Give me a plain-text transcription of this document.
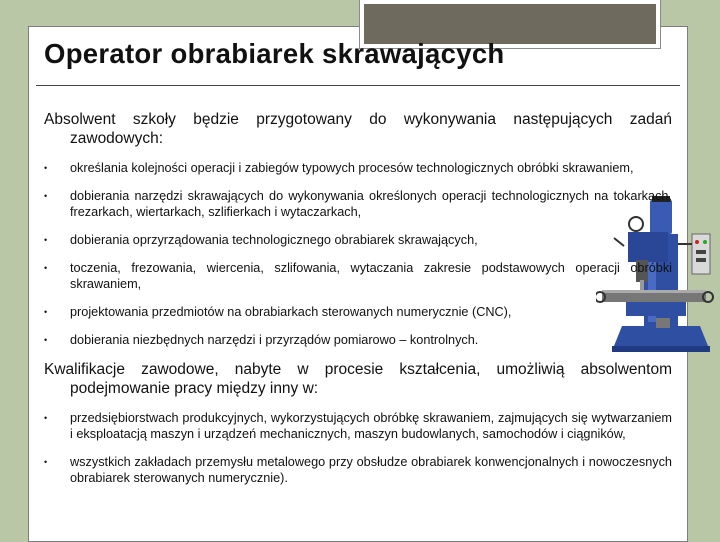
Operator obrabiarek skrawających

Absolwent szkoły będzie przygotowany do wykonywania następujących zadań zawodowych:

• określania kolejności operacji i zabiegów typowych procesów technologicznych obróbki skrawaniem,
• dobierania narzędzi skrawających do wykonywania określonych operacji technologicznych na tokarkach, frezarkach, wiertarkach, szlifierkach i wytaczarkach,
• dobierania oprzyrządowania technologicznego obrabiarek skrawających,
• toczenia, frezowania, wiercenia, szlifowania, wytaczania zakresie podstawowych operacji obróbki skrawaniem,
• projektowania przedmiotów na obrabiarkach sterowanych numerycznie (CNC),
• dobierania niezbędnych narzędzi i przyrządów pomiarowo – kontrolnych.

Kwalifikacje zawodowe, nabyte w procesie kształcenia, umożliwią absolwentom podejmowanie pracy między inny w:

• przedsiębiorstwach produkcyjnych, wykorzystujących obróbkę skrawaniem, zajmujących się wytwarzaniem i eksploatacją maszyn i urządzeń mechanicznych, maszyn budowlanych, samochodów i ciągników,
• wszystkich zakładach przemysłu metalowego przy obsłudze obrabiarek konwencjonalnych i nowoczesnych obrabiarek sterowanych numerycznie).
